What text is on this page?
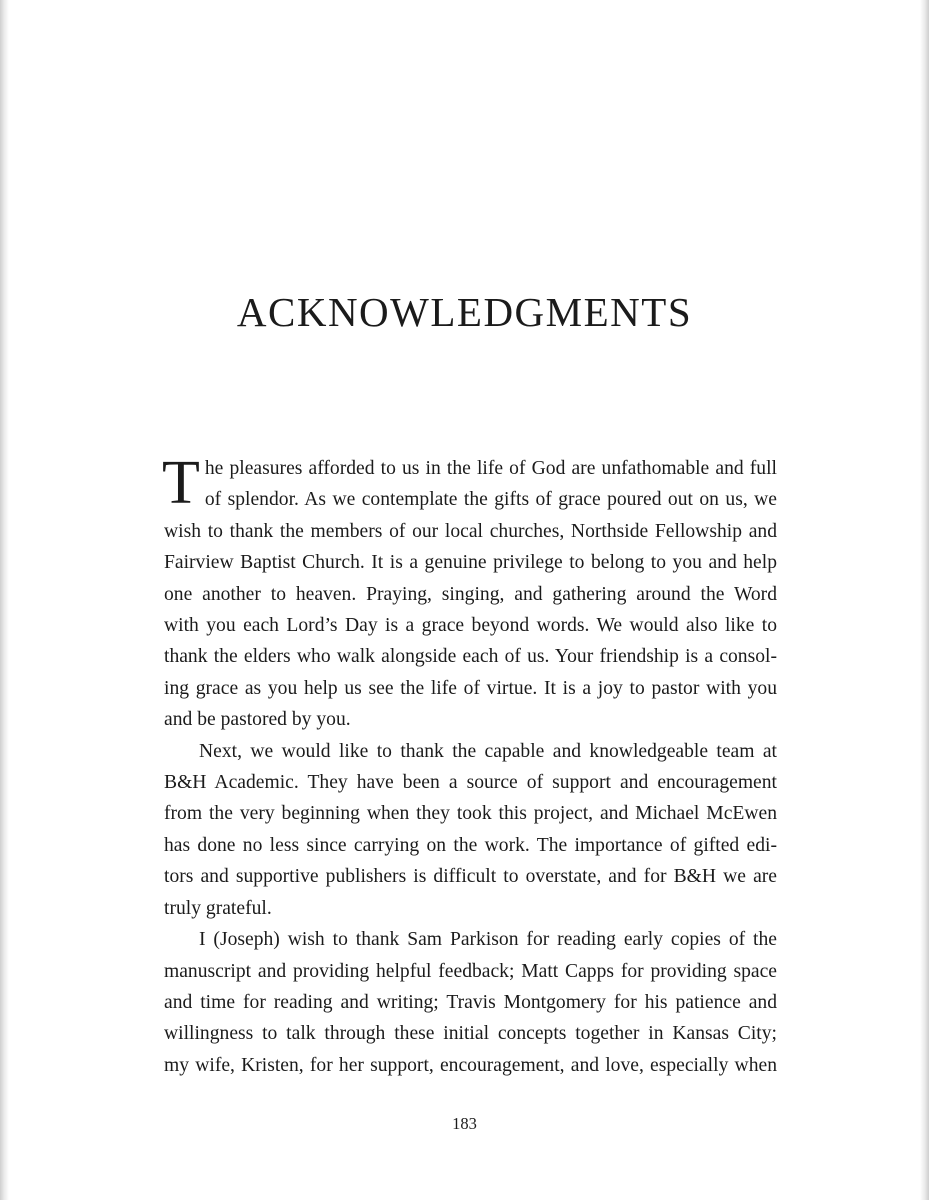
ACKNOWLEDGMENTS

T he pleasures afforded to us in the life of God are unfathomable and full
of splendor. As we contemplate the gifts of grace poured out on us, we
wish to thank the members of our local churches, Northside Fellowship and
Fairview Baptist Church. It is a genuine privilege to belong to you and help
one another to heaven. Praying, singing, and gathering around the Word
with you each Lord’s Day is a grace beyond words. We would also like to
thank the elders who walk alongside each of us. Your friendship is a consol-
ing grace as you help us see the life of virtue. It is a joy to pastor with you
and be pastored by you.

Next, we would like to thank the capable and knowledgeable team at
B&H Academic. They have been a source of support and encouragement
from the very beginning when they took this project, and Michael McEwen
has done no less since carrying on the work. The importance of gifted edi-
tors and supportive publishers is difficult to overstate, and for B&H we are
truly grateful.

I (Joseph) wish to thank Sam Parkison for reading early copies of the
manuscript and providing helpful feedback; Matt Capps for providing space
and time for reading and writing; Travis Montgomery for his patience and
willingness to talk through these initial concepts together in Kansas City;
my wife, Kristen, for her support, encouragement, and love, especially when

183
